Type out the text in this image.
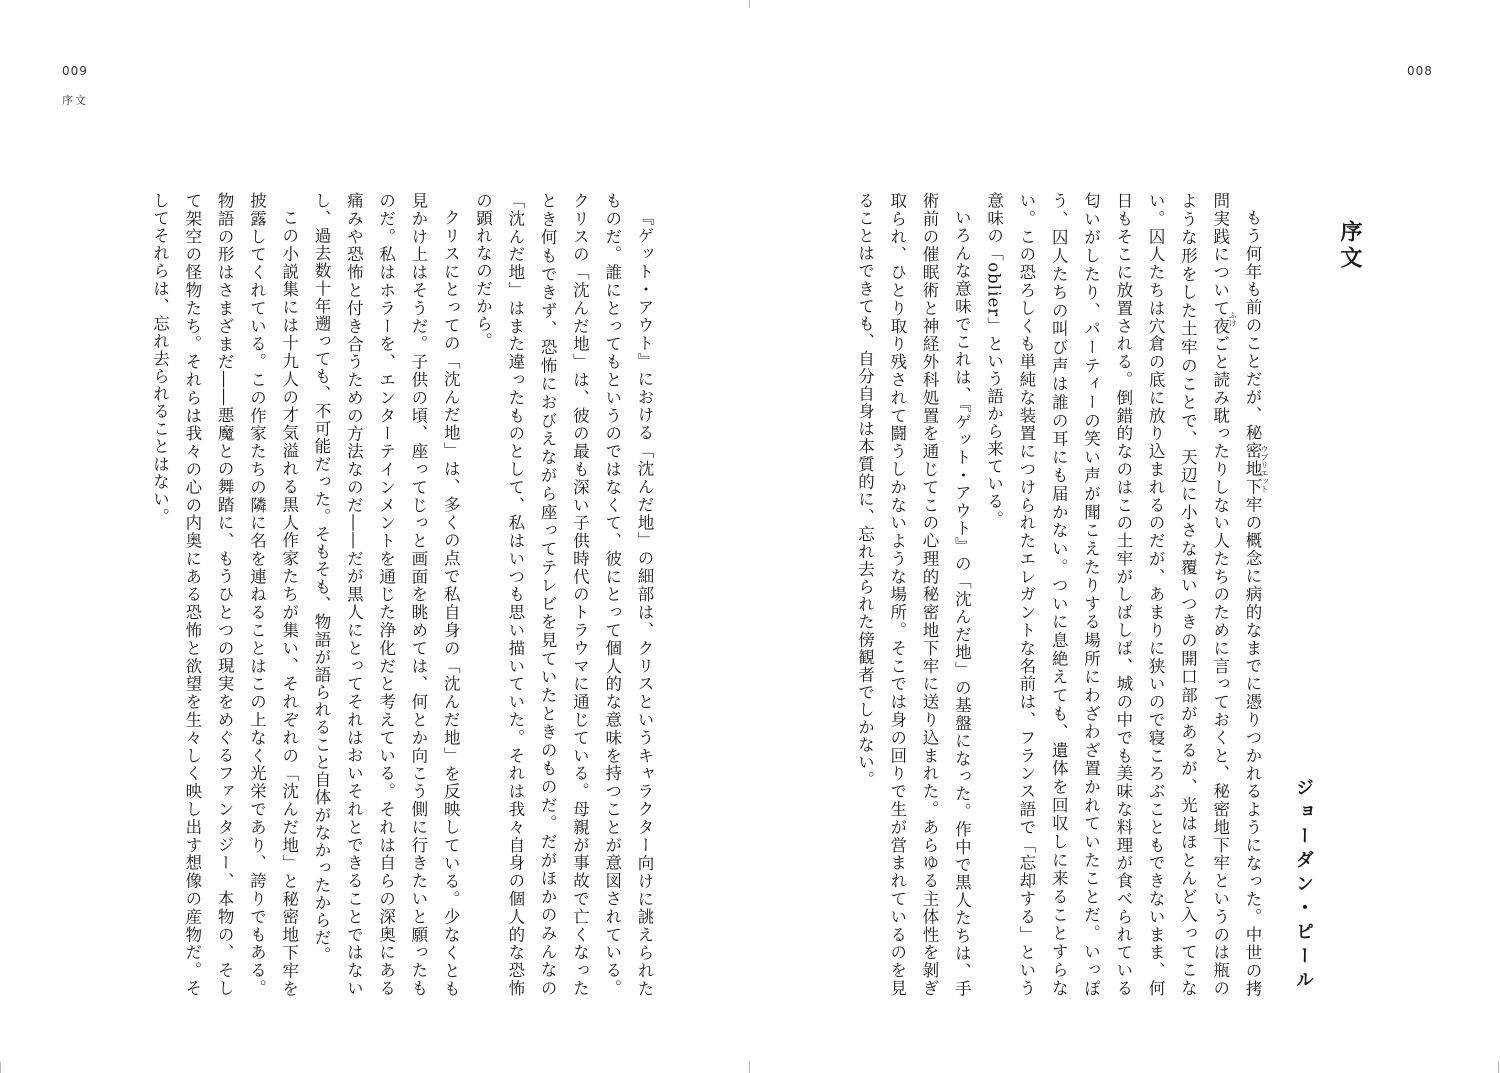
009
序文

『ゲット・アウト』における「沈んだ地」の細部は、クリスというキャラクター向けに誂えられたものだ。誰にとってもというのではなくて、彼にとって個人的な意味を持つことが意図されている。クリスの「沈んだ地」は、彼の最も深い子供時代のトラウマに通じている。母親が事故で亡くなったとき何もできず、恐怖におびえながら座ってテレビを見ていたときのものだ。だがほかのみんなの「沈んだ地」はまた違ったものとして、私はいつも思い描いていた。それは我々自身の個人的な恐怖の顕れなのだから。

クリスにとっての「沈んだ地」は、多くの点で私自身の「沈んだ地」を反映している。少なくとも見かけ上はそうだ。子供の頃、座ってじっと画面を眺めては、何とか向こう側に行きたいと願ったものだ。私はホラーを、エンターテインメントを通じた浄化だと考えている。それは自らの深奥にある痛みや恐怖と付き合うための方法なのだ――だが黒人にとってそれはおいそれとできることではないし、過去数十年遡っても、不可能だった。そもそも、物語が語られること自体がなかったからだ。

この小説集には十九人の才気溢れる黒人作家たちが集い、それぞれの「沈んだ地」と秘密地下牢を披露してくれている。この作家たちの隣に名を連ねることはこの上なく光栄であり、誇りでもある。物語の形はさまざまだ――悪魔との舞踏に、もうひとつの現実をめぐるファンタジー、本物の、そして架空の怪物たち。それらは我々の心の内奥にある恐怖と欲望を生々しく映し出す想像の産物だ。そしてそれらは、忘れ去られることはない。

008
序文
ジョーダン・ピール

もう何年も前のことだが、秘密地下牢の概念に病的なまでに憑りつかれるようになった。中世の拷問実践について夜ごと読み耽ったりしない人たちのために言っておくと、秘密地下牢というのは瓶のような形をした土牢のことで、天辺に小さな覆いつきの開口部があるが、光はほとんど入ってこない。囚人たちは穴倉の底に放り込まれるのだが、あまりに狭いので寝ころぶこともできないまま、何日もそこに放置される。倒錯的なのはこの土牢がしばしば、城の中でも美味な料理が食べられている匂いがしたり、パーティーの笑い声が聞こえたりする場所にわざわざ置かれていたことだ。いっぽう、囚人たちの叫び声は誰の耳にも届かない。ついに息絶えても、遺体を回収しに来ることすらない。この恐ろしくも単純な装置につけられたエレガントな名前は、フランス語で「忘却する」という意味の「oblier」という語から来ている。

いろんな意味でこれは、『ゲット・アウト』の「沈んだ地」の基盤になった。作中で黒人たちは、手術前の催眠術と神経外科処置を通じてこの心理的秘密地下牢に送り込まれた。あらゆる主体性を剝ぎ取られ、ひとり取り残されて闘うしかないような場所。そこでは身の回りで生が営まれているのを見ることはできても、自分自身は本質的に、忘れ去られた傍観者でしかない。	ウブリエット
ふけ
